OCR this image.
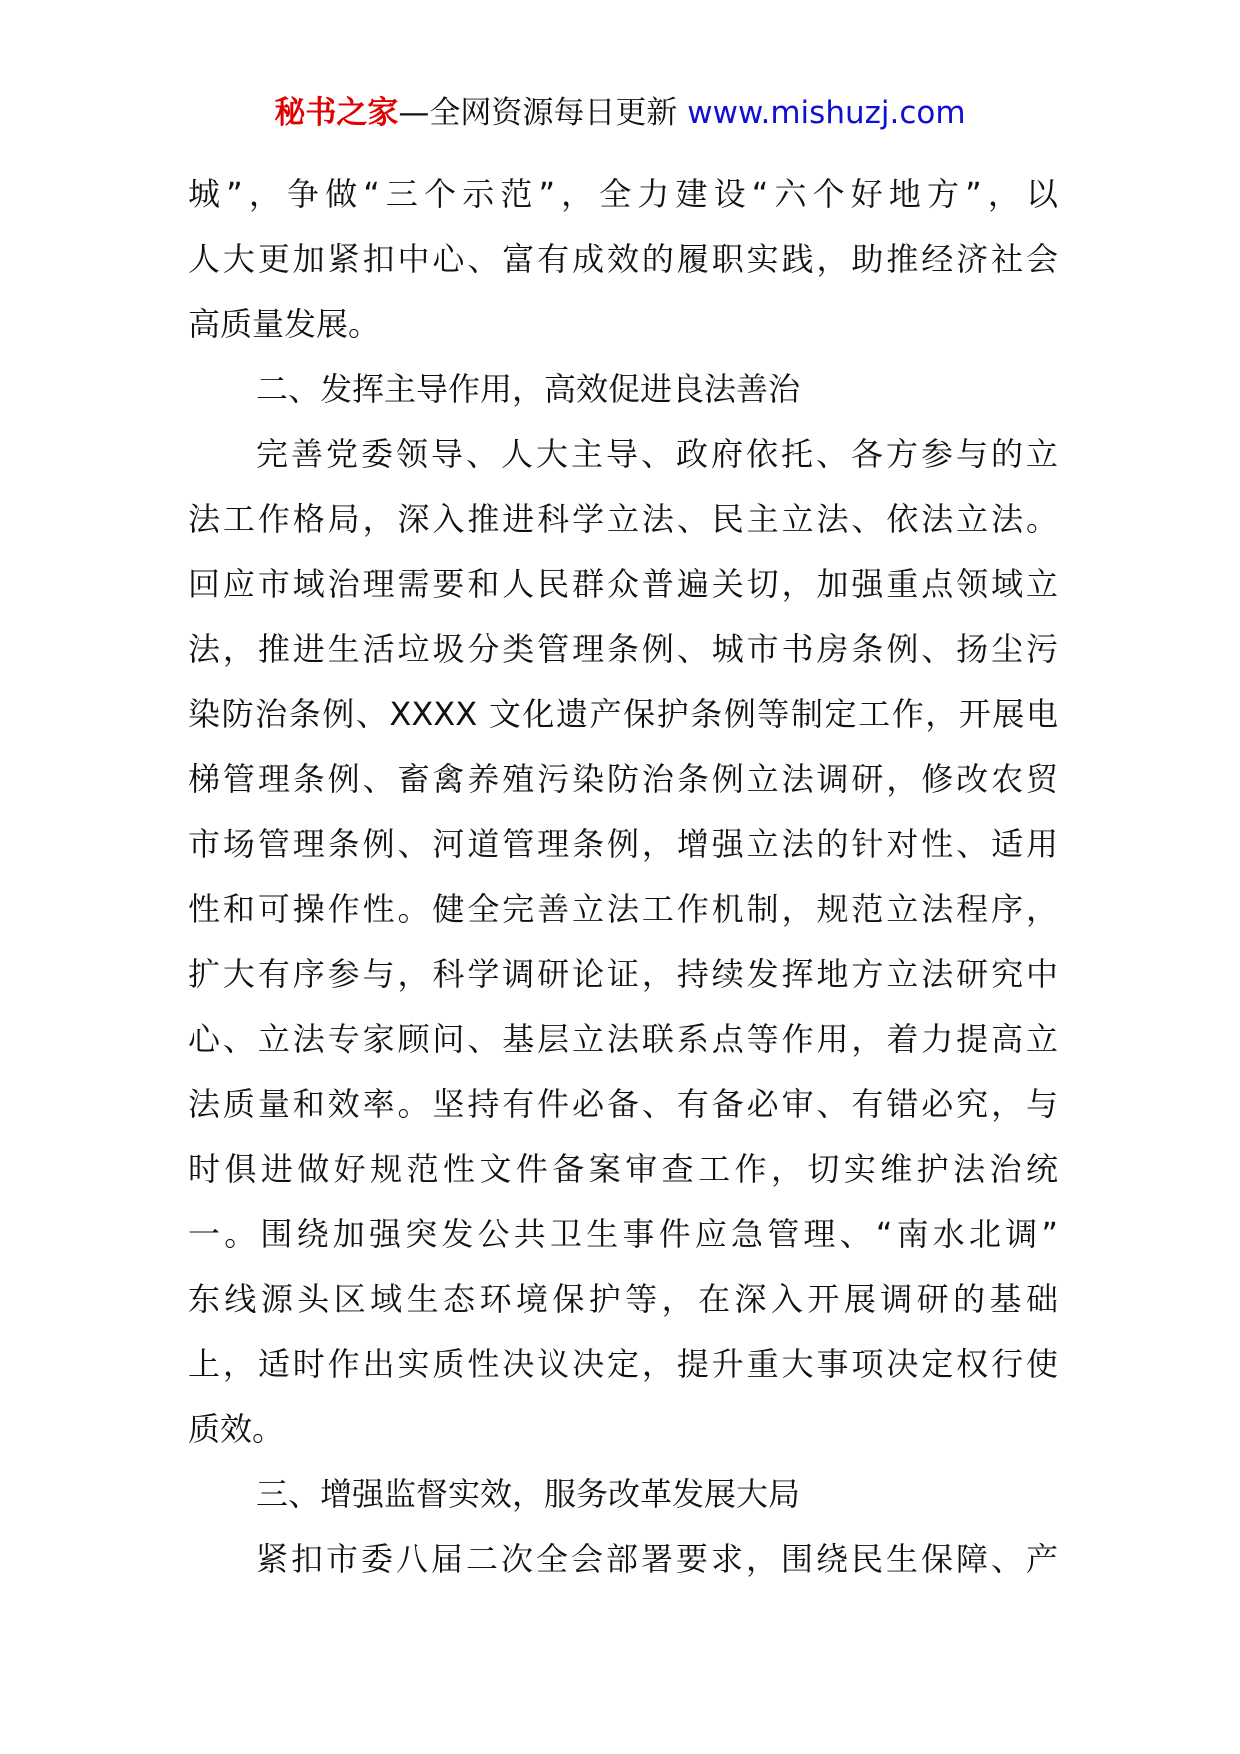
秘书之家—全网资源每日更新 www.mishuzj.com
城”，争做“三个示范”，全力建设“六个好地方”，以
人大更加紧扣中心、富有成效的履职实践，助推经济社会
高质量发展。
二、发挥主导作用，高效促进良法善治
完善党委领导、人大主导、政府依托、各方参与的立
法工作格局，深入推进科学立法、民主立法、依法立法。
回应市域治理需要和人民群众普遍关切，加强重点领域立
法，推进生活垃圾分类管理条例、城市书房条例、扬尘污
染防治条例、XXXX 文化遗产保护条例等制定工作，开展电
梯管理条例、畜禽养殖污染防治条例立法调研，修改农贸
市场管理条例、河道管理条例，增强立法的针对性、适用
性和可操作性。健全完善立法工作机制，规范立法程序，
扩大有序参与，科学调研论证，持续发挥地方立法研究中
心、立法专家顾问、基层立法联系点等作用，着力提高立
法质量和效率。坚持有件必备、有备必审、有错必究，与
时俱进做好规范性文件备案审查工作，切实维护法治统
一。围绕加强突发公共卫生事件应急管理、“南水北调”
东线源头区域生态环境保护等，在深入开展调研的基础
上，适时作出实质性决议决定，提升重大事项决定权行使
质效。
三、增强监督实效，服务改革发展大局
紧扣市委八届二次全会部署要求，围绕民生保障、产
